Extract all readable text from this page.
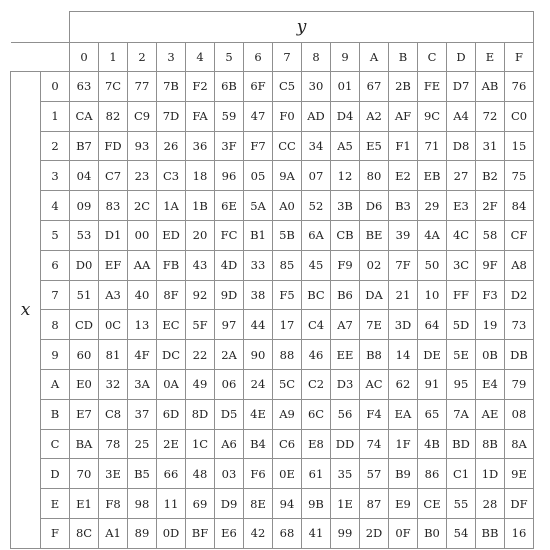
		y															
		0	1	2	3	4	5	6	7	8	9	A	B	C	D	E	F
x	0	63	7C	77	7B	F2	6B	6F	C5	30	01	67	2B	FE	D7	AB	76
	1	CA	82	C9	7D	FA	59	47	F0	AD	D4	A2	AF	9C	A4	72	C0
	2	B7	FD	93	26	36	3F	F7	CC	34	A5	E5	F1	71	D8	31	15
	3	04	C7	23	C3	18	96	05	9A	07	12	80	E2	EB	27	B2	75
	4	09	83	2C	1A	1B	6E	5A	A0	52	3B	D6	B3	29	E3	2F	84
	5	53	D1	00	ED	20	FC	B1	5B	6A	CB	BE	39	4A	4C	58	CF
	6	D0	EF	AA	FB	43	4D	33	85	45	F9	02	7F	50	3C	9F	A8
	7	51	A3	40	8F	92	9D	38	F5	BC	B6	DA	21	10	FF	F3	D2
	8	CD	0C	13	EC	5F	97	44	17	C4	A7	7E	3D	64	5D	19	73
	9	60	81	4F	DC	22	2A	90	88	46	EE	B8	14	DE	5E	0B	DB
	A	E0	32	3A	0A	49	06	24	5C	C2	D3	AC	62	91	95	E4	79
	B	E7	C8	37	6D	8D	D5	4E	A9	6C	56	F4	EA	65	7A	AE	08
	C	BA	78	25	2E	1C	A6	B4	C6	E8	DD	74	1F	4B	BD	8B	8A
	D	70	3E	B5	66	48	03	F6	0E	61	35	57	B9	86	C1	1D	9E
	E	E1	F8	98	11	69	D9	8E	94	9B	1E	87	E9	CE	55	28	DF
	F	8C	A1	89	0D	BF	E6	42	68	41	99	2D	0F	B0	54	BB	16
